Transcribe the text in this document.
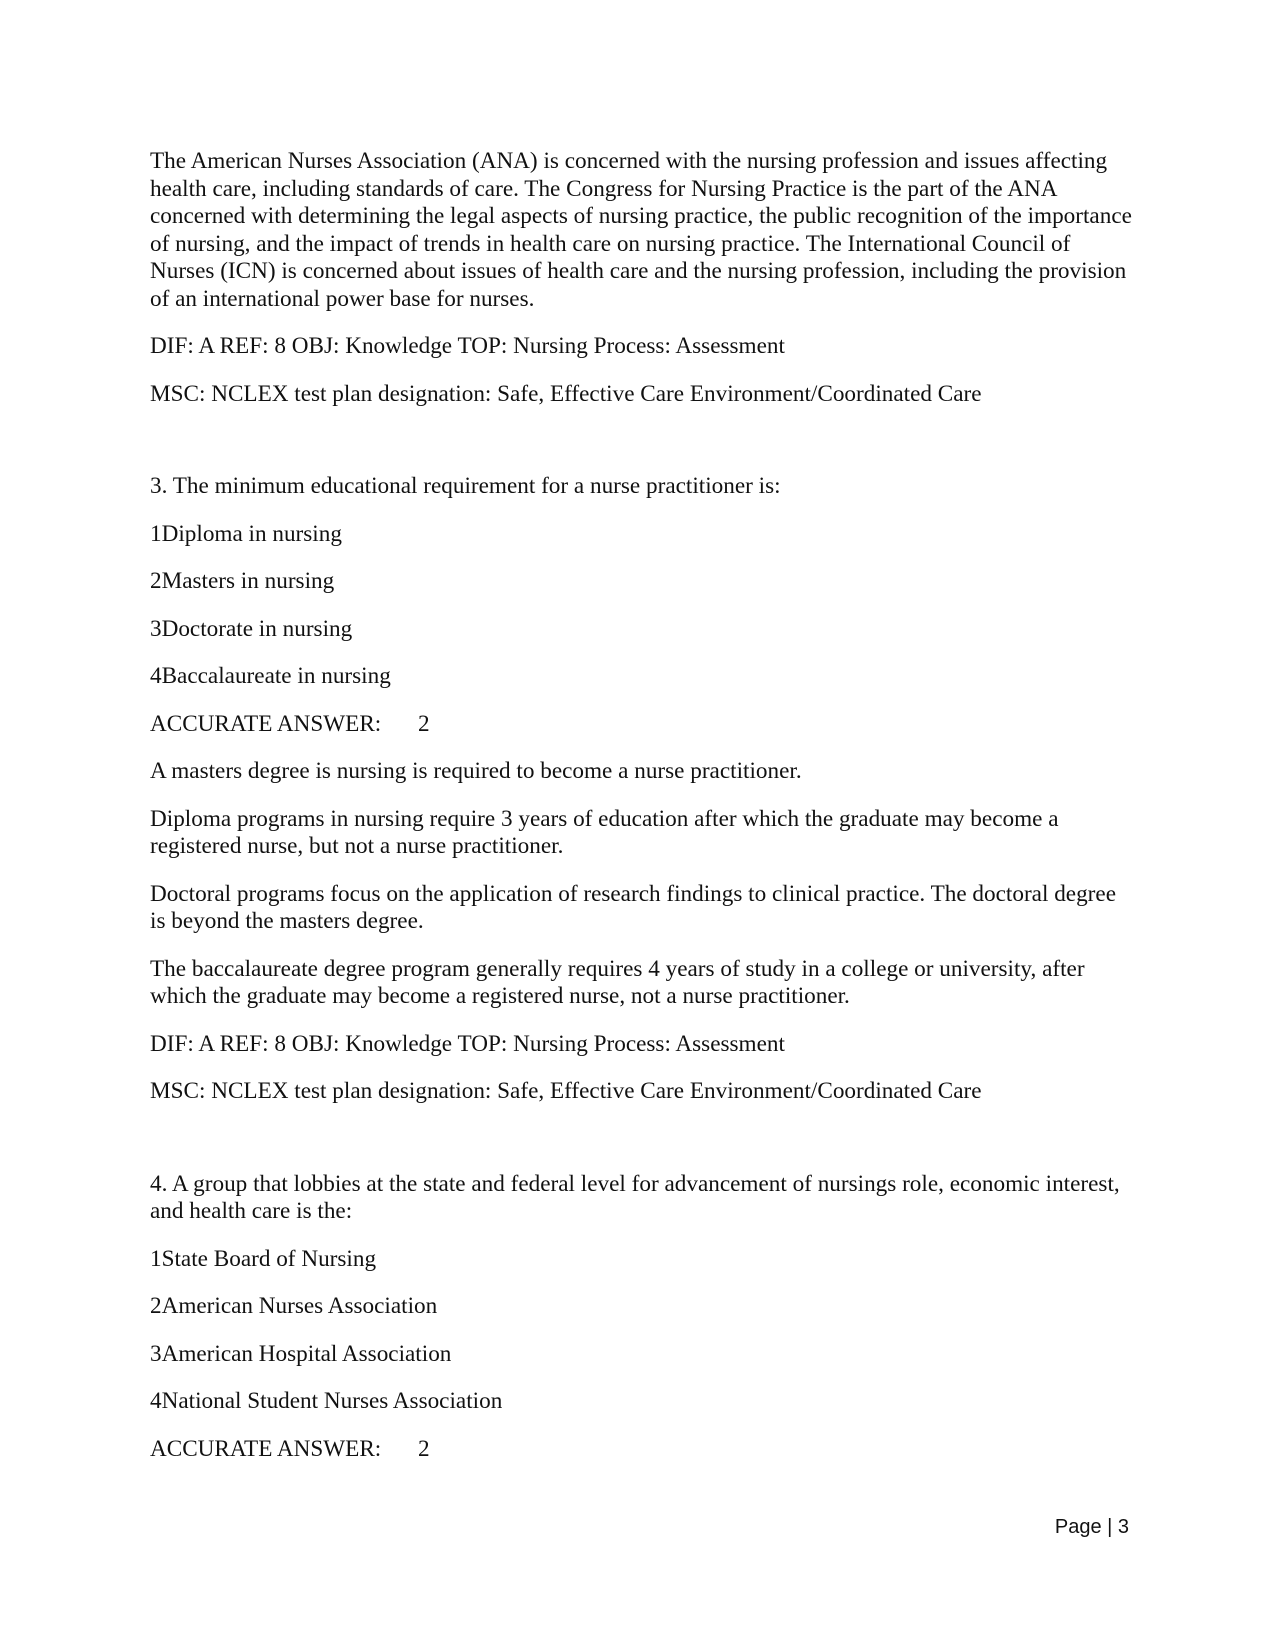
The American Nurses Association (ANA) is concerned with the nursing profession and issues affecting health care, including standards of care. The Congress for Nursing Practice is the part of the ANA concerned with determining the legal aspects of nursing practice, the public recognition of the importance of nursing, and the impact of trends in health care on nursing practice. The International Council of Nurses (ICN) is concerned about issues of health care and the nursing profession, including the provision of an international power base for nurses.

DIF: A REF: 8 OBJ: Knowledge TOP: Nursing Process: Assessment

MSC: NCLEX test plan designation: Safe, Effective Care Environment/Coordinated Care

3. The minimum educational requirement for a nurse practitioner is:

1Diploma in nursing

2Masters in nursing

3Doctorate in nursing

4Baccalaureate in nursing

ACCURATE ANSWER: 2

A masters degree is nursing is required to become a nurse practitioner.

Diploma programs in nursing require 3 years of education after which the graduate may become a registered nurse, but not a nurse practitioner.

Doctoral programs focus on the application of research findings to clinical practice. The doctoral degree is beyond the masters degree.

The baccalaureate degree program generally requires 4 years of study in a college or university, after which the graduate may become a registered nurse, not a nurse practitioner.

DIF: A REF: 8 OBJ: Knowledge TOP: Nursing Process: Assessment

MSC: NCLEX test plan designation: Safe, Effective Care Environment/Coordinated Care

4. A group that lobbies at the state and federal level for advancement of nursings role, economic interest, and health care is the:

1State Board of Nursing

2American Nurses Association

3American Hospital Association

4National Student Nurses Association

ACCURATE ANSWER: 2

Page | 3
